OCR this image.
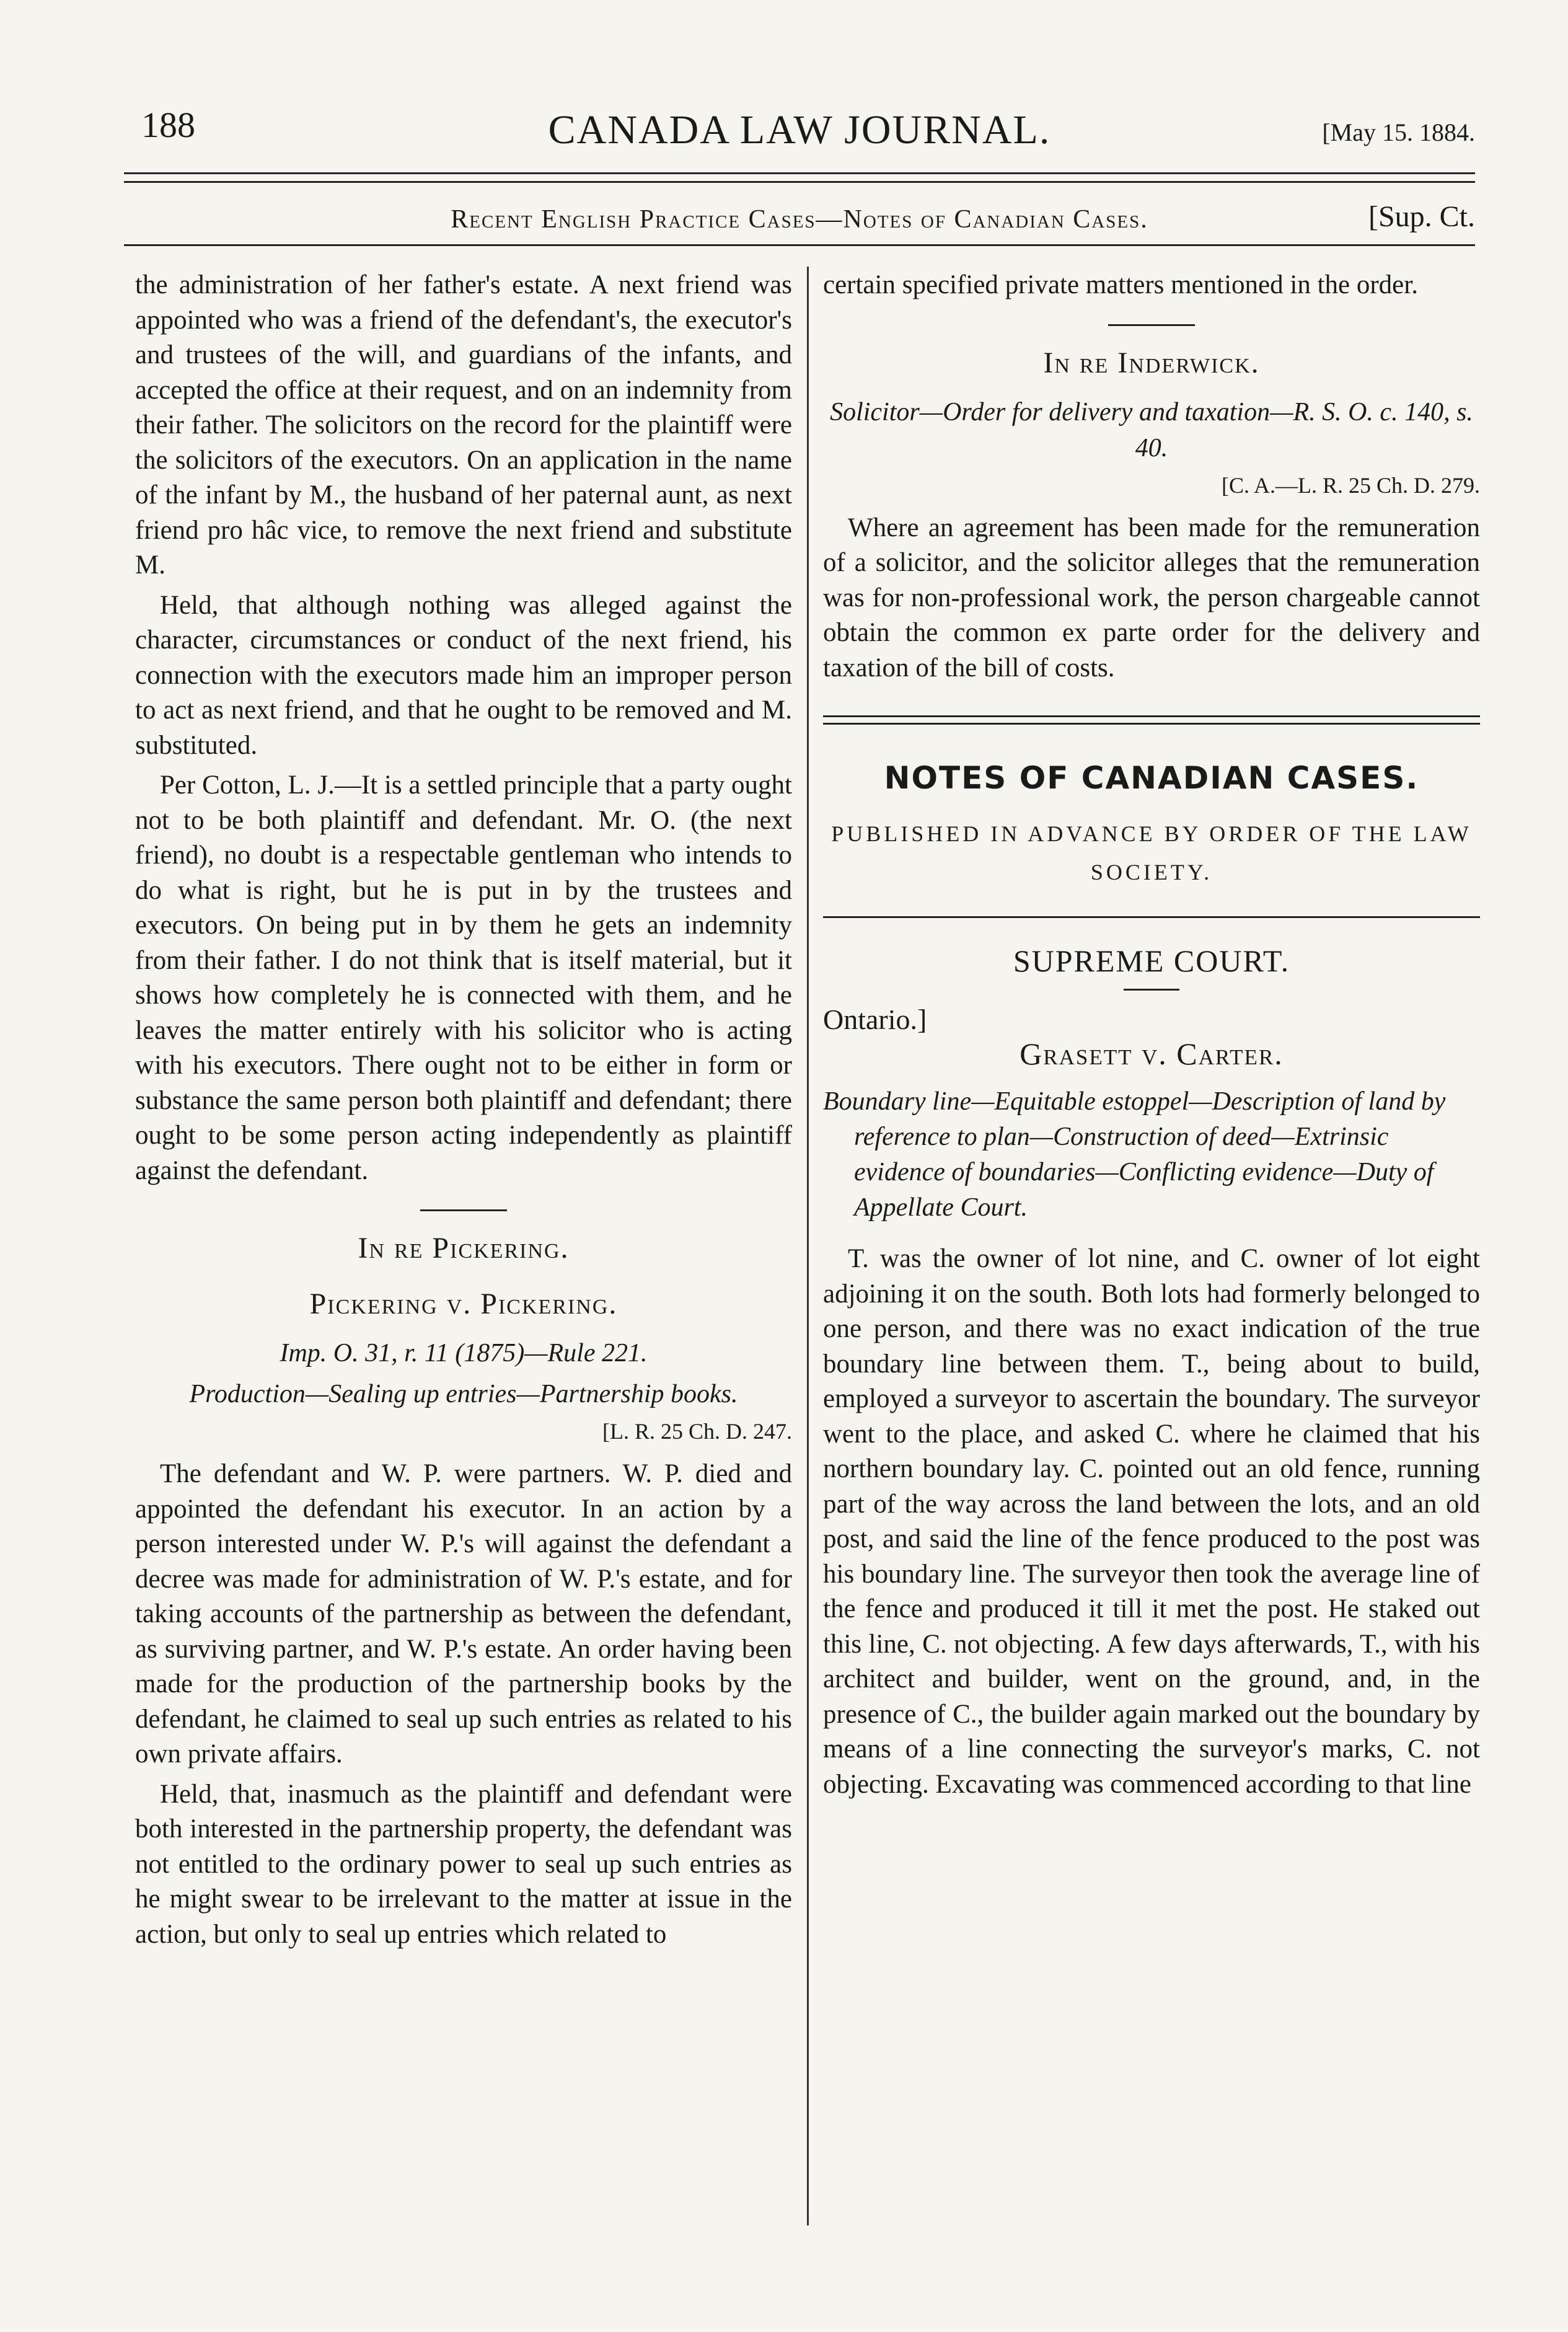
188	CANADA LAW JOURNAL.	[May 15. 1884.
Recent English Practice Cases—Notes of Canadian Cases.	[Sup. Ct.

the administration of her father's estate. A next friend was appointed who was a friend of the defendant's, the executor's and trustees of the will, and guardians of the infants, and accepted the office at their request, and on an indemnity from their father. The solicitors on the record for the plaintiff were the solicitors of the executors. On an application in the name of the infant by M., the husband of her paternal aunt, as next friend pro hâc vice, to remove the next friend and substitute M.

Held, that although nothing was alleged against the character, circumstances or conduct of the next friend, his connection with the executors made him an improper person to act as next friend, and that he ought to be removed and M. substituted.

Per Cotton, L. J.—It is a settled principle that a party ought not to be both plaintiff and defendant. Mr. O. (the next friend), no doubt is a respectable gentleman who intends to do what is right, but he is put in by the trustees and executors. On being put in by them he gets an indemnity from their father. I do not think that is itself material, but it shows how completely he is connected with them, and he leaves the matter entirely with his solicitor who is acting with his executors. There ought not to be either in form or substance the same person both plaintiff and defendant; there ought to be some person acting independently as plaintiff against the defendant.

In re Pickering.
Pickering v. Pickering.
Imp. O. 31, r. 11 (1875)—Rule 221.
Production—Sealing up entries—Partnership books.
[L. R. 25 Ch. D. 247.

The defendant and W. P. were partners. W. P. died and appointed the defendant his executor. In an action by a person interested under W. P.'s will against the defendant a decree was made for administration of W. P.'s estate, and for taking accounts of the partnership as between the defendant, as surviving partner, and W. P.'s estate. An order having been made for the production of the partnership books by the defendant, he claimed to seal up such entries as related to his own private affairs.

Held, that, inasmuch as the plaintiff and defendant were both interested in the partnership property, the defendant was not entitled to the ordinary power to seal up such entries as he might swear to be irrelevant to the matter at issue in the action, but only to seal up entries which related to

certain specified private matters mentioned in the order.

In re Inderwick.
Solicitor—Order for delivery and taxation—R. S. O. c. 140, s. 40.
[C. A.—L. R. 25 Ch. D. 279.

Where an agreement has been made for the remuneration of a solicitor, and the solicitor alleges that the remuneration was for non-professional work, the person chargeable cannot obtain the common ex parte order for the delivery and taxation of the bill of costs.

NOTES OF CANADIAN CASES.
PUBLISHED IN ADVANCE BY ORDER OF THE LAW SOCIETY.
SUPREME COURT.
Ontario.]
Grasett v. Carter.
Boundary line—Equitable estoppel—Description of land by reference to plan—Construction of deed—Extrinsic evidence of boundaries—Conflicting evidence—Duty of Appellate Court.

T. was the owner of lot nine, and C. owner of lot eight adjoining it on the south. Both lots had formerly belonged to one person, and there was no exact indication of the true boundary line between them. T., being about to build, employed a surveyor to ascertain the boundary. The surveyor went to the place, and asked C. where he claimed that his northern boundary lay. C. pointed out an old fence, running part of the way across the land between the lots, and an old post, and said the line of the fence produced to the post was his boundary line. The surveyor then took the average line of the fence and produced it till it met the post. He staked out this line, C. not objecting. A few days afterwards, T., with his architect and builder, went on the ground, and, in the presence of C., the builder again marked out the boundary by means of a line connecting the surveyor's marks, C. not objecting. Excavating was commenced according to that line
